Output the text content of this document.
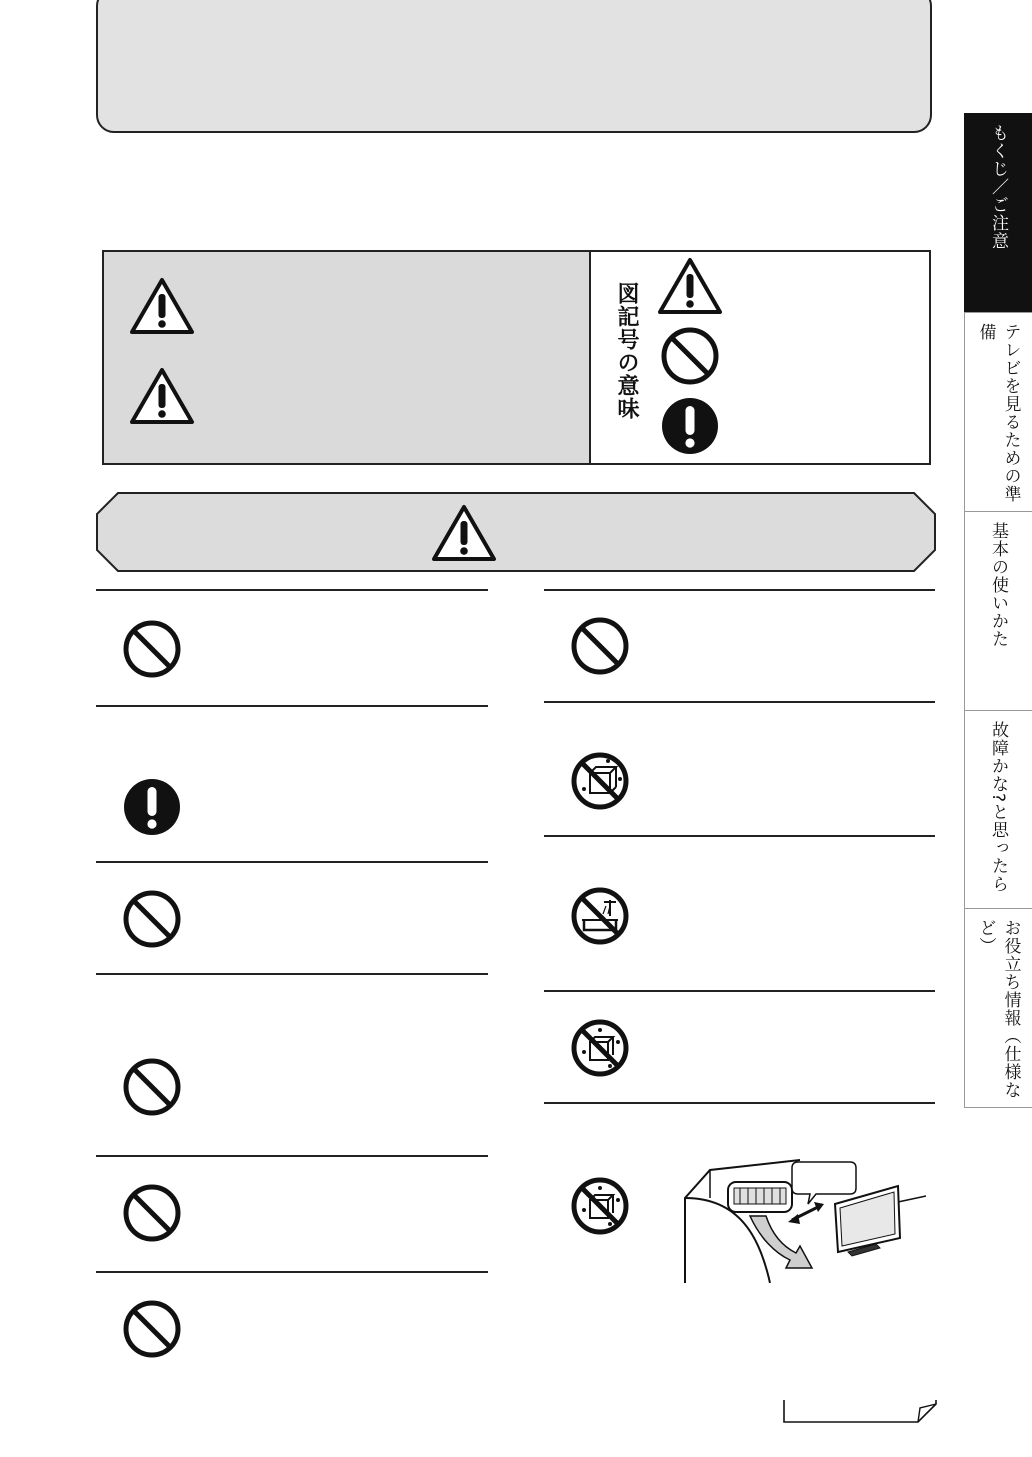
図記号の意味
もくじ／ご注意
テレビを見るための準備
基本の使いかた
故障かな?と思ったら
お役立ち情報（仕様など）
